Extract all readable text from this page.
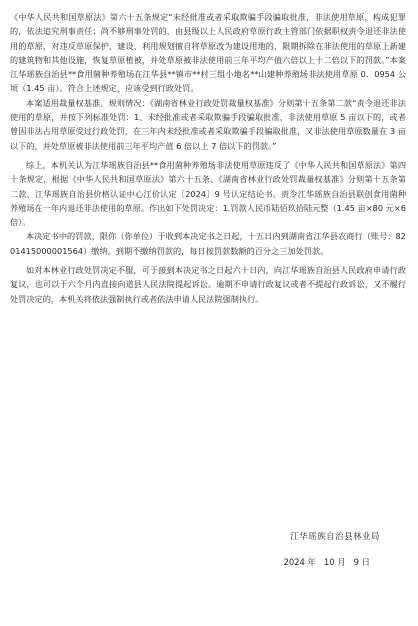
《中华人民共和国草原法》第六十五条规定“未经批准或者采取欺骗手段骗取批准，非法使用草原，构成犯罪的，依法追究刑事责任；尚不够刑事处罚的，由县级以上人民政府草原行政主管部门依据职权责令退还非法使用的草原，对违反草原保护、建设、利用规划擅自将草原改为建设用地的，限期拆除在非法使用的草原上新建的建筑物和其他设施，恢复草原植被，并处草原被非法使用前三年平均产值六倍以上十二倍以下的罚款。”本案江华瑶族自治县**食用菌种养殖场在江华县**镇市**村三组小地名**山建种养殖场非法使用草原 0．0954 公顷（1.45 亩）。符合上述规定，应该受到行政处罚。

本案适用裁量权基准、规则情况：《湖南省林业行政处罚裁量权基准》分则第十五条第二款“责令退还非法使用的草原，并按下列标准处罚：1、未经批准或者采取欺骗手段骗取批准，非法使用草原 5 亩以下的，或者曾因非法占用草原受过行政处罚，在三年内未经批准或者采取欺骗手段骗取批准，又非法使用草原数量在 3 亩以下的，并处草原被非法使用前三年平均产值 6 倍以上 7 倍以下的罚款。”

综上，本机关认为江华瑶族自治县**食用菌种养殖场非法使用草原违反了《中华人民共和国草原法》第四十条规定，根据《中华人民共和国草原法》第六十五条、《湖南省林业行政处罚裁量权基准》分则第十五条第二款、江华瑶族自治县价格认证中心江价认定［2024］9 号认定结论书。责令江华瑶族自治县联创食用菌种养殖场在一年内退还非法使用的草原。作出如下处罚决定：1.罚款人民币陆佰玖拾陆元整（1.45 亩×80 元×6 倍）。

本决定书中的罚款，限你（你单位）于收到本决定书之日起，十五日内到湖南省江华县农商行（账号：8201415000001564）缴纳。到期不缴纳罚款的，每日按罚款数额的百分之三加处罚款。

如对本林业行政处罚决定不服，可于接到本决定书之日起六十日内，向江华瑶族自治县人民政府申请行政复议，也可以于六个月内直接向道县人民法院提起诉讼。逾期不申请行政复议或者不提起行政诉讼，又不履行处罚决定的，本机关将依法强制执行或者依法申请人民法院强制执行。

江华瑶族自治县林业局
2024 年 10 月 9 日
